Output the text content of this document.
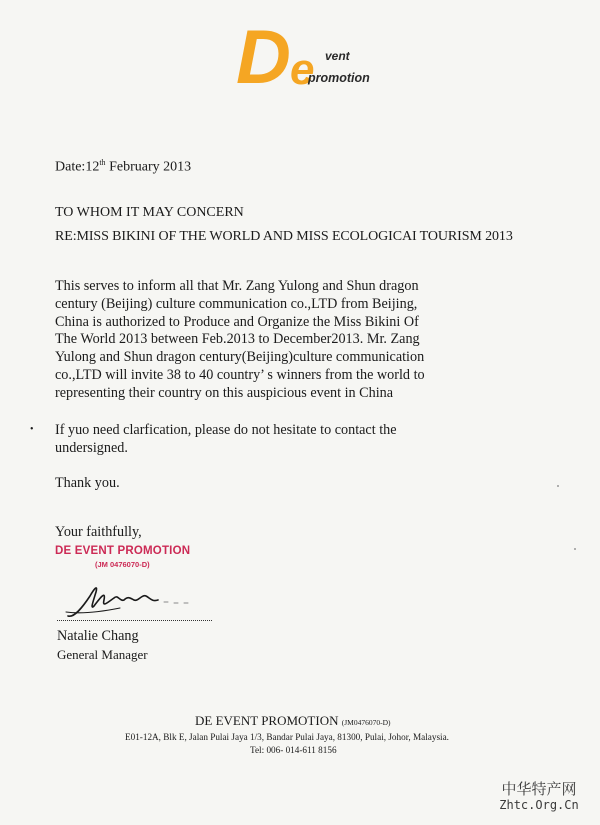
D e vent
promotion
Date:12th February 2013
TO WHOM IT MAY CONCERN
RE:MISS BIKINI OF THE WORLD AND MISS ECOLOGICAI TOURISM 2013

This serves to inform all that Mr. Zang Yulong and Shun dragon
century (Beijing) culture communication co.,LTD from Beijing,
China is authorized to Produce and Organize the Miss Bikini Of
The World 2013 between Feb.2013 to December2013. Mr. Zang
Yulong and Shun dragon century(Beijing)culture communication
co.,LTD will invite 38 to 40 country’ s winners from the world to
representing their country on this auspicious event in China

• If yuo need clarfication, please do not hesitate to contact the
undersigned.

Thank you.
Your faithfully,
DE EVENT PROMOTION
(JM 0476070-D)
Natalie Chang
General Manager
DE EVENT PROMOTION (JM0476070-D)
E01-12A, Blk E, Jalan Pulai Jaya 1/3, Bandar Pulai Jaya, 81300, Pulai, Johor, Malaysia.
Tel: 006- 014-611 8156
中华特产网
Zhtc.Org.Cn
